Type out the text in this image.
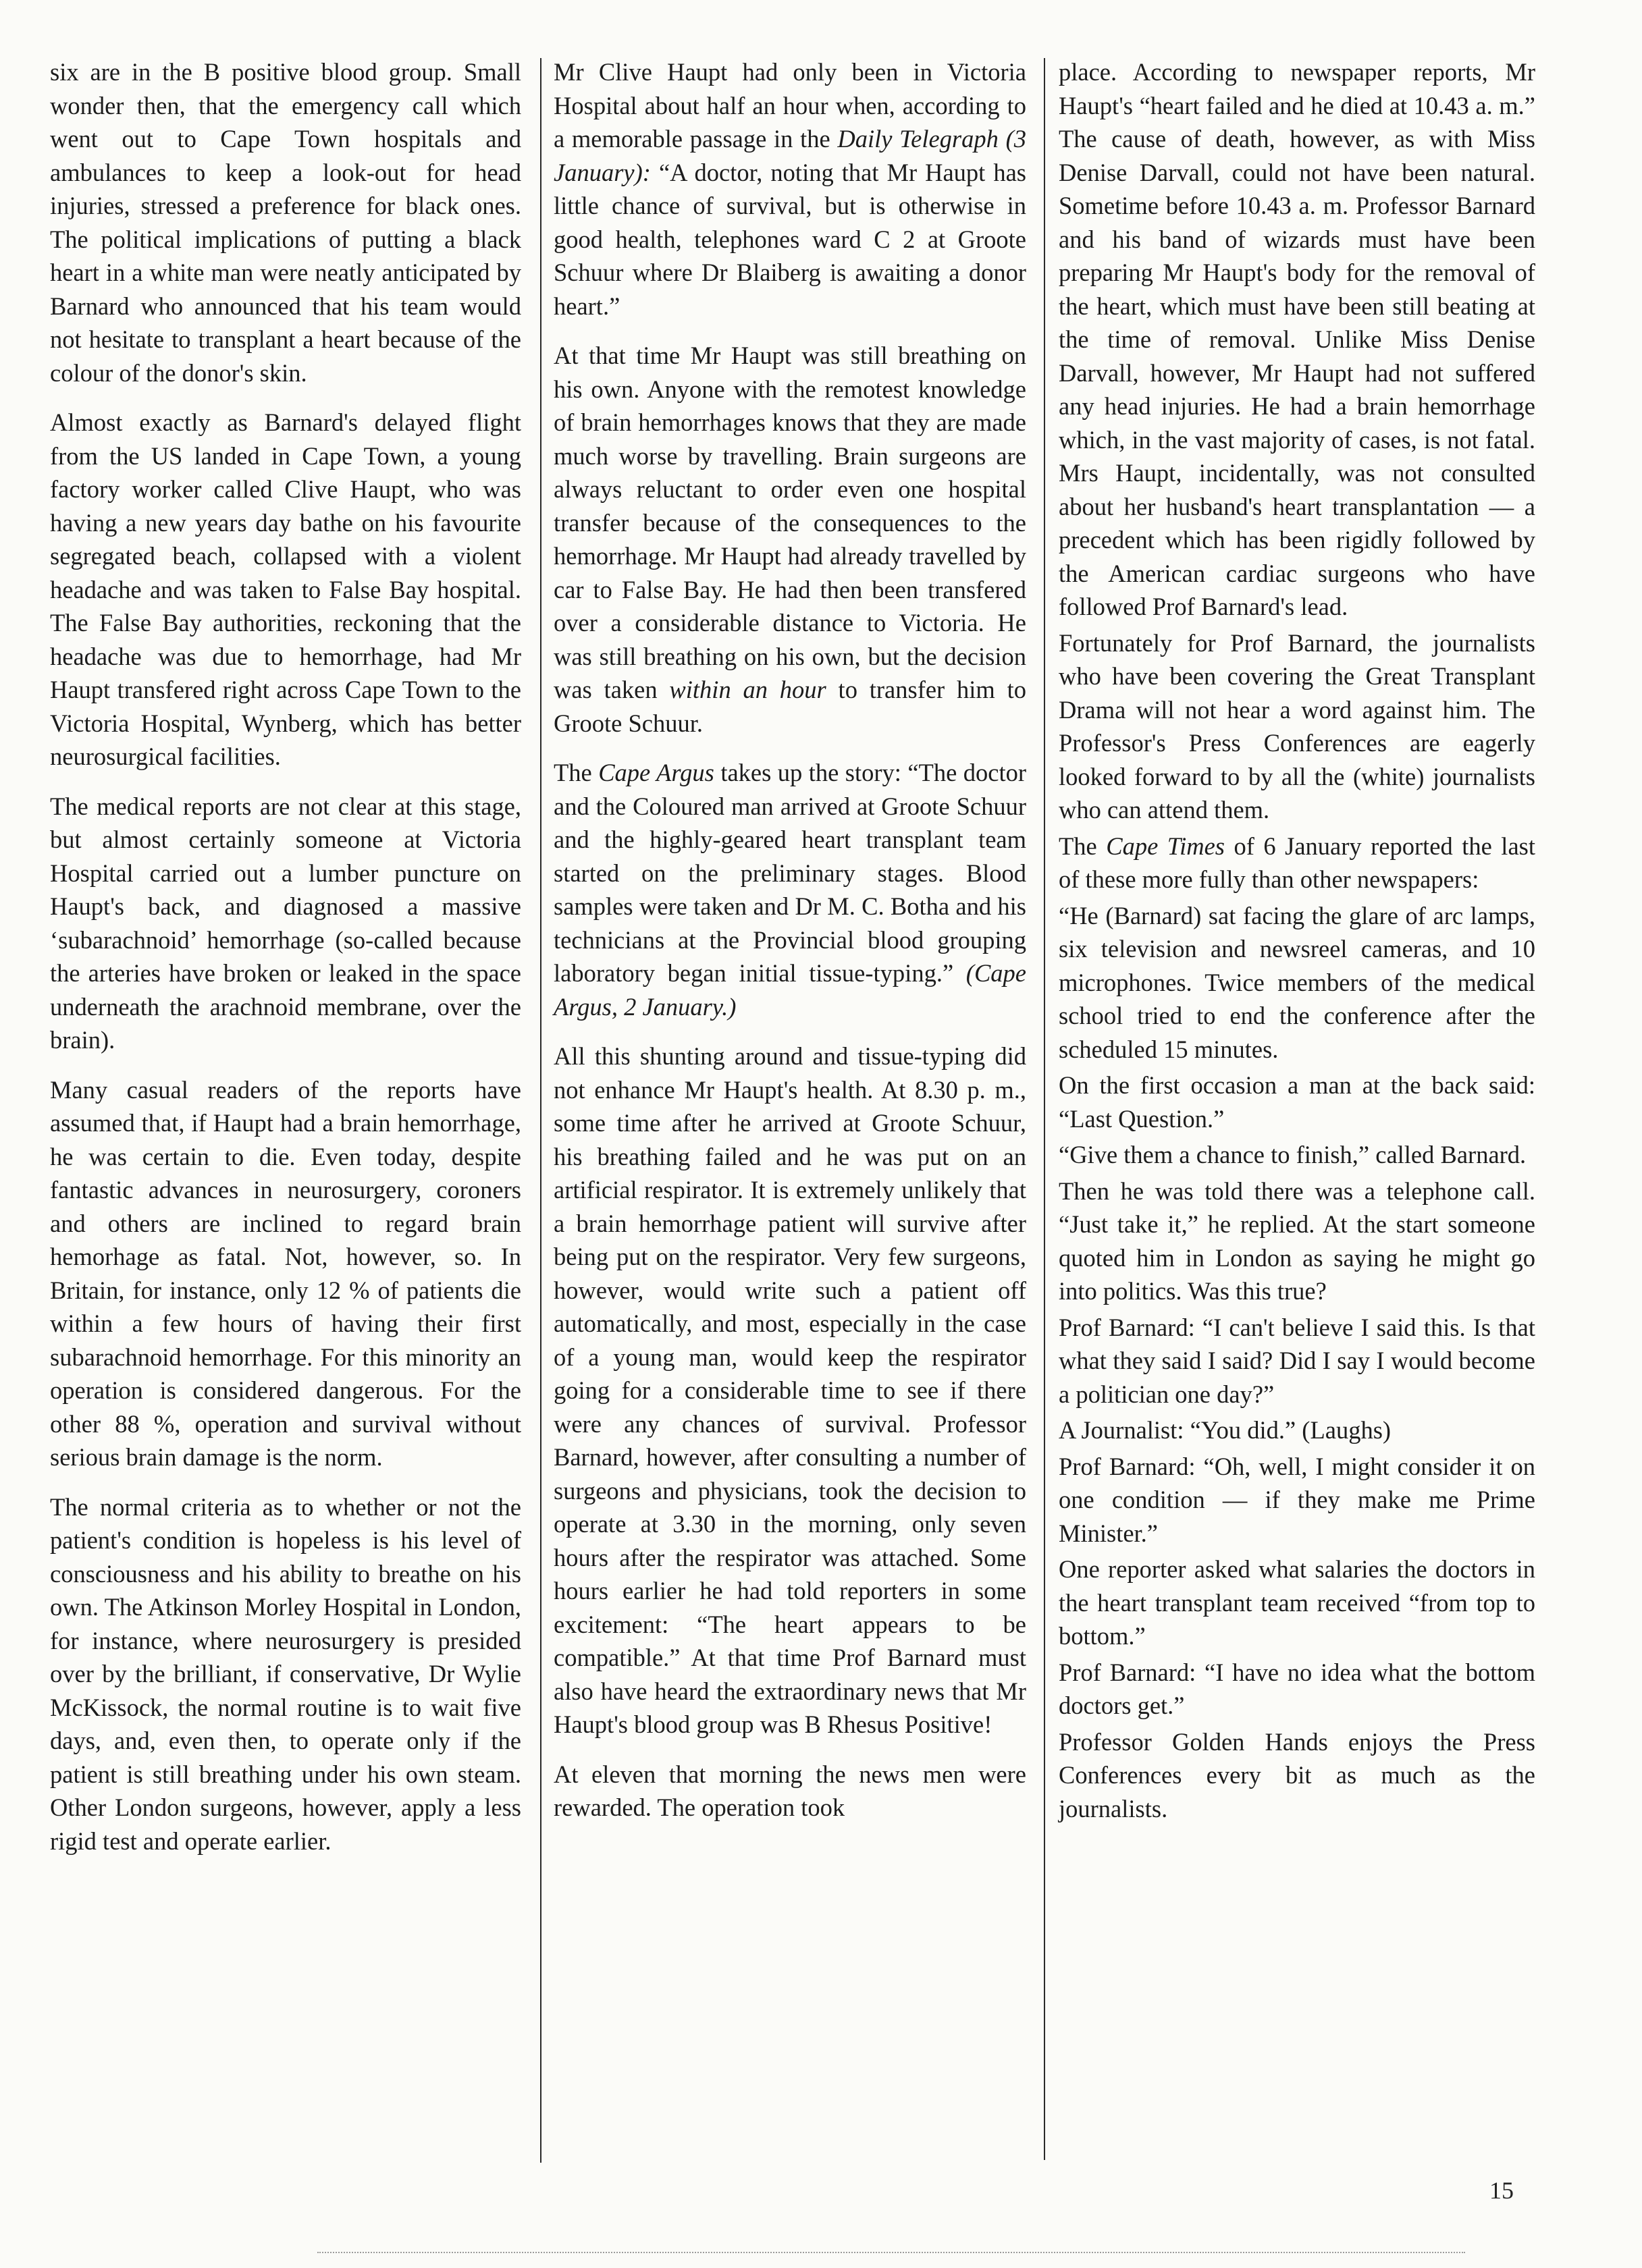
six are in the B positive blood group. Small wonder then, that the emergency call which went out to Cape Town hospitals and ambulances to keep a look-out for head injuries, stressed a preference for black ones. The political implications of putting a black heart in a white man were neatly anticipated by Barnard who announced that his team would not hesitate to transplant a heart because of the colour of the donor's skin.

Almost exactly as Barnard's delayed flight from the US landed in Cape Town, a young factory worker called Clive Haupt, who was having a new years day bathe on his favourite segregated beach, collapsed with a violent headache and was taken to False Bay hospital. The False Bay authorities, reckoning that the headache was due to hemorrhage, had Mr Haupt transfered right across Cape Town to the Victoria Hospital, Wynberg, which has better neurosurgical facilities.

The medical reports are not clear at this stage, but almost certainly someone at Victoria Hospital carried out a lumber puncture on Haupt's back, and diagnosed a massive ‘subarachnoid’ hemorrhage (so-called because the arteries have broken or leaked in the space underneath the arachnoid membrane, over the brain).

Many casual readers of the reports have assumed that, if Haupt had a brain hemorrhage, he was certain to die. Even today, despite fantastic advances in neurosurgery, coroners and others are inclined to regard brain hemorhage as fatal. Not, however, so. In Britain, for instance, only 12 % of patients die within a few hours of having their first subarachnoid hemorrhage. For this minority an operation is considered dangerous. For the other 88 %, operation and survival without serious brain damage is the norm.

The normal criteria as to whether or not the patient's condition is hopeless is his level of consciousness and his ability to breathe on his own. The Atkinson Morley Hospital in London, for instance, where neurosurgery is presided over by the brilliant, if conservative, Dr Wylie McKissock, the normal routine is to wait five days, and, even then, to operate only if the patient is still breathing under his own steam. Other London surgeons, however, apply a less rigid test and operate earlier.

Mr Clive Haupt had only been in Victoria Hospital about half an hour when, according to a memorable passage in the Daily Telegraph (3 January): “A doctor, noting that Mr Haupt has little chance of survival, but is otherwise in good health, telephones ward C 2 at Groote Schuur where Dr Blaiberg is awaiting a donor heart.”

At that time Mr Haupt was still breathing on his own. Anyone with the remotest knowledge of brain hemorrhages knows that they are made much worse by travelling. Brain surgeons are always reluctant to order even one hospital transfer because of the consequences to the hemorrhage. Mr Haupt had already travelled by car to False Bay. He had then been transfered over a considerable distance to Victoria. He was still breathing on his own, but the decision was taken within an hour to transfer him to Groote Schuur.

The Cape Argus takes up the story: “The doctor and the Coloured man arrived at Groote Schuur and the highly-geared heart transplant team started on the preliminary stages. Blood samples were taken and Dr M. C. Botha and his technicians at the Provincial blood grouping laboratory began initial tissue-typing.” (Cape Argus, 2 January.)

All this shunting around and tissue-typing did not enhance Mr Haupt's health. At 8.30 p. m., some time after he arrived at Groote Schuur, his breathing failed and he was put on an artificial respirator. It is extremely unlikely that a brain hemorrhage patient will survive after being put on the respirator. Very few surgeons, however, would write such a patient off automatically, and most, especially in the case of a young man, would keep the respirator going for a considerable time to see if there were any chances of survival. Professor Barnard, however, after consulting a number of surgeons and physicians, took the decision to operate at 3.30 in the morning, only seven hours after the respirator was attached. Some hours earlier he had told reporters in some excitement: “The heart appears to be compatible.” At that time Prof Barnard must also have heard the extraordinary news that Mr Haupt's blood group was B Rhesus Positive!

At eleven that morning the news men were rewarded. The operation took

place. According to newspaper reports, Mr Haupt's “heart failed and he died at 10.43 a. m.” The cause of death, however, as with Miss Denise Darvall, could not have been natural. Sometime before 10.43 a. m. Professor Barnard and his band of wizards must have been preparing Mr Haupt's body for the removal of the heart, which must have been still beating at the time of removal. Unlike Miss Denise Darvall, however, Mr Haupt had not suffered any head injuries. He had a brain hemorrhage which, in the vast majority of cases, is not fatal. Mrs Haupt, incidentally, was not consulted about her husband's heart transplantation — a precedent which has been rigidly followed by the American cardiac surgeons who have followed Prof Barnard's lead.

Fortunately for Prof Barnard, the journalists who have been covering the Great Transplant Drama will not hear a word against him. The Professor's Press Conferences are eagerly looked forward to by all the (white) journalists who can attend them.

The Cape Times of 6 January reported the last of these more fully than other newspapers:

“He (Barnard) sat facing the glare of arc lamps, six television and newsreel cameras, and 10 microphones. Twice members of the medical school tried to end the conference after the scheduled 15 minutes.

On the first occasion a man at the back said: “Last Question.”

“Give them a chance to finish,” called Barnard.

Then he was told there was a telephone call. “Just take it,” he replied. At the start someone quoted him in London as saying he might go into politics. Was this true?

Prof Barnard: “I can't believe I said this. Is that what they said I said? Did I say I would become a politician one day?”

A Journalist: “You did.” (Laughs)

Prof Barnard: “Oh, well, I might consider it on one condition — if they make me Prime Minister.”

One reporter asked what salaries the doctors in the heart transplant team received “from top to bottom.”

Prof Barnard: “I have no idea what the bottom doctors get.”

Professor Golden Hands enjoys the Press Conferences every bit as much as the journalists.

15
